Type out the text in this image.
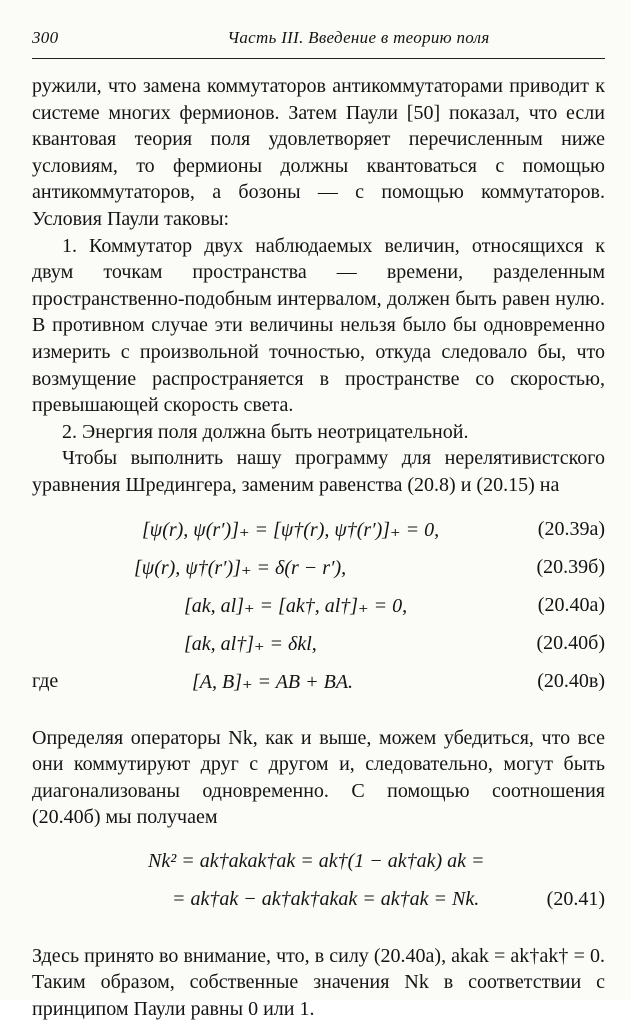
300	Часть III. Введение в теорию поля

ружили, что замена коммутаторов антикоммутаторами приводит к системе многих фермионов. Затем Паули [50] показал, что если квантовая теория поля удовлетворяет перечисленным ниже условиям, то фермионы должны квантоваться с помощью антикоммутаторов, а бозоны — с помощью коммутаторов. Условия Паули таковы:

1. Коммутатор двух наблюдаемых величин, относящихся к двум точкам пространства — времени, разделенным пространственно-подобным интервалом, должен быть равен нулю. В противном случае эти величины нельзя было бы одновременно измерить с произвольной точностью, откуда следовало бы, что возмущение распространяется в пространстве со скоростью, превышающей скорость света.

2. Энергия поля должна быть неотрицательной.

Чтобы выполнить нашу программу для нерелятивистского уравнения Шредингера, заменим равенства (20.8) и (20.15) на

[ψ(r), ψ(r′)]₊ = [ψ†(r), ψ†(r′)]₊ = 0,	(20.39а)
[ψ(r), ψ†(r′)]₊ = δ(r − r′),	(20.39б)
[ak, al]₊ = [ak†, al†]₊ = 0,	(20.40а)
[ak, al†]₊ = δkl,	(20.40б)
где	[A, B]₊ = AB + BA.	(20.40в)

Определяя операторы Nk, как и выше, можем убедиться, что все они коммутируют друг с другом и, следовательно, могут быть диагонализованы одновременно. С помощью соотношения (20.40б) мы получаем

Nk² = ak†akak†ak = ak†(1 − ak†ak) ak =
= ak†ak − ak†ak†akak = ak†ak = Nk.	(20.41)

Здесь принято во внимание, что, в силу (20.40а), akak = ak†ak† = 0. Таким образом, собственные значения Nk в соответствии с принципом Паули равны 0 или 1.
